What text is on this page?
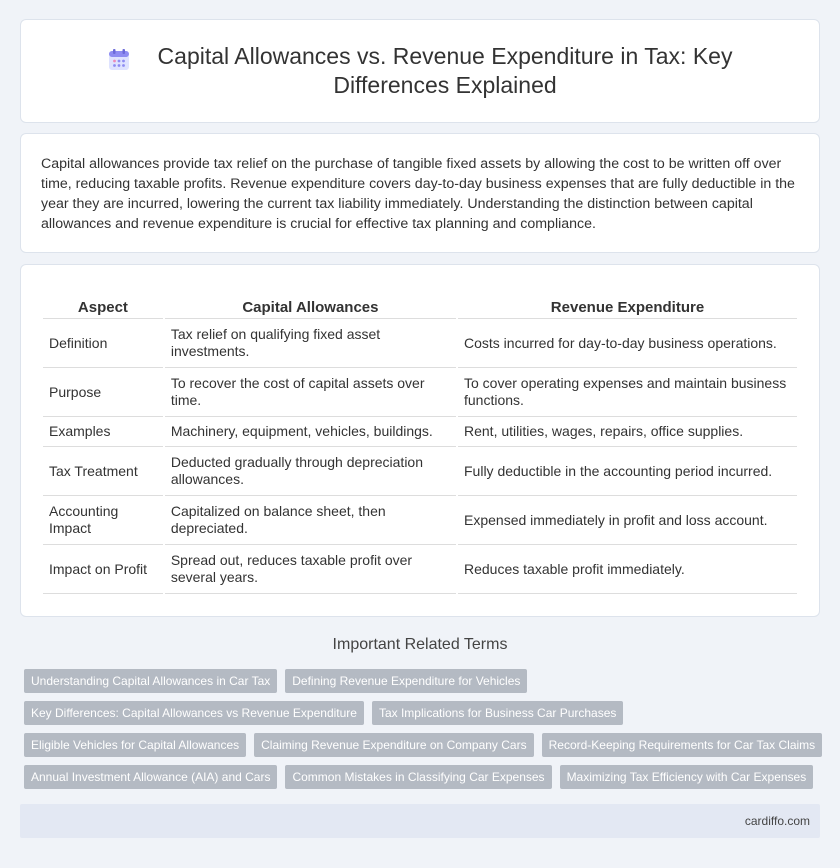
Capital Allowances vs. Revenue Expenditure in Tax: Key Differences Explained

Capital allowances provide tax relief on the purchase of tangible fixed assets by allowing the cost to be written off over time, reducing taxable profits. Revenue expenditure covers day-to-day business expenses that are fully deductible in the year they are incurred, lowering the current tax liability immediately. Understanding the distinction between capital allowances and revenue expenditure is crucial for effective tax planning and compliance.

Aspect	Capital Allowances	Revenue Expenditure
Definition	Tax relief on qualifying fixed asset investments.	Costs incurred for day-to-day business operations.
Purpose	To recover the cost of capital assets over time.	To cover operating expenses and maintain business functions.
Examples	Machinery, equipment, vehicles, buildings.	Rent, utilities, wages, repairs, office supplies.
Tax Treatment	Deducted gradually through depreciation allowances.	Fully deductible in the accounting period incurred.
Accounting Impact	Capitalized on balance sheet, then depreciated.	Expensed immediately in profit and loss account.
Impact on Profit	Spread out, reduces taxable profit over several years.	Reduces taxable profit immediately.
Important Related Terms
Understanding Capital Allowances in Car Tax	Defining Revenue Expenditure for Vehicles
Key Differences: Capital Allowances vs Revenue Expenditure	Tax Implications for Business Car Purchases
Eligible Vehicles for Capital Allowances	Claiming Revenue Expenditure on Company Cars	Record-Keeping Requirements for Car Tax Claims
Annual Investment Allowance (AIA) and Cars	Common Mistakes in Classifying Car Expenses	Maximizing Tax Efficiency with Car Expenses
cardiffo.com
